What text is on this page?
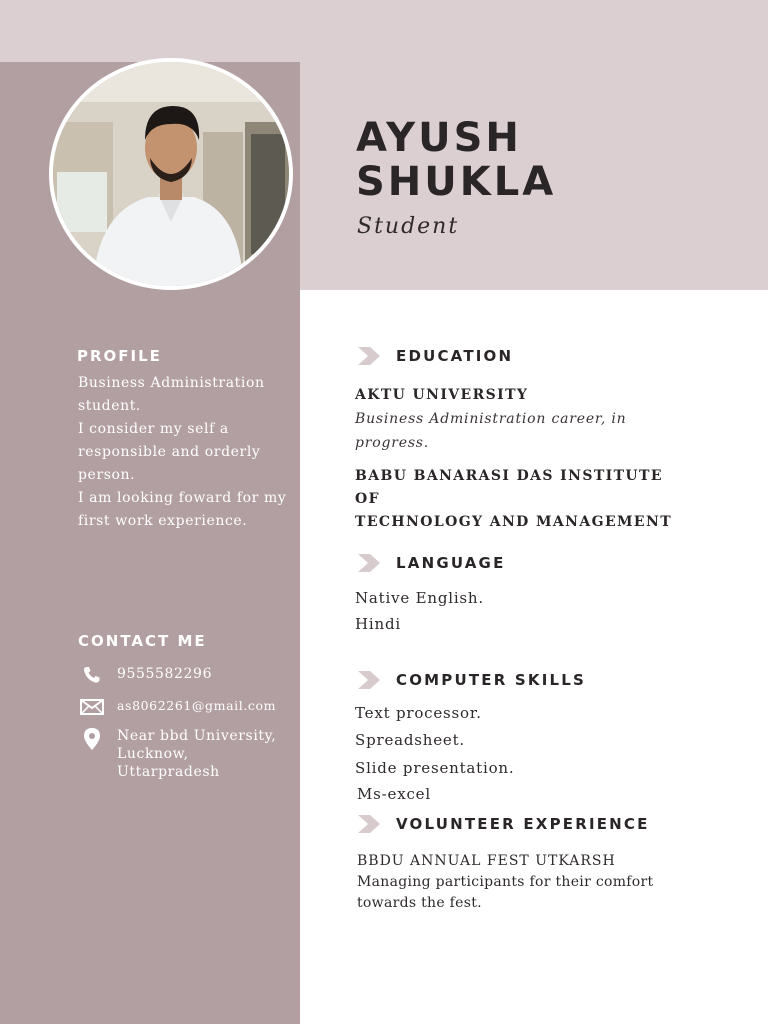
AYUSH
SHUKLA
Student
PROFILE
Business Administration student.
I consider my self a responsible and orderly person.
I am looking foward for my first work experience.
CONTACT ME
9555582296
as8062261@gmail.com
Near bbd University,
Lucknow,
Uttarpradesh
EDUCATION
AKTU UNIVERSITY
Business Administration career, in progress.
BABU BANARASI DAS INSTITUTE OF
TECHNOLOGY AND MANAGEMENT
LANGUAGE
Native English.
Hindi
COMPUTER SKILLS
Text processor.
Spreadsheet.
Slide presentation.
Ms-excel
VOLUNTEER EXPERIENCE
BBDU ANNUAL FEST UTKARSH
Managing participants for their comfort
towards the fest.
